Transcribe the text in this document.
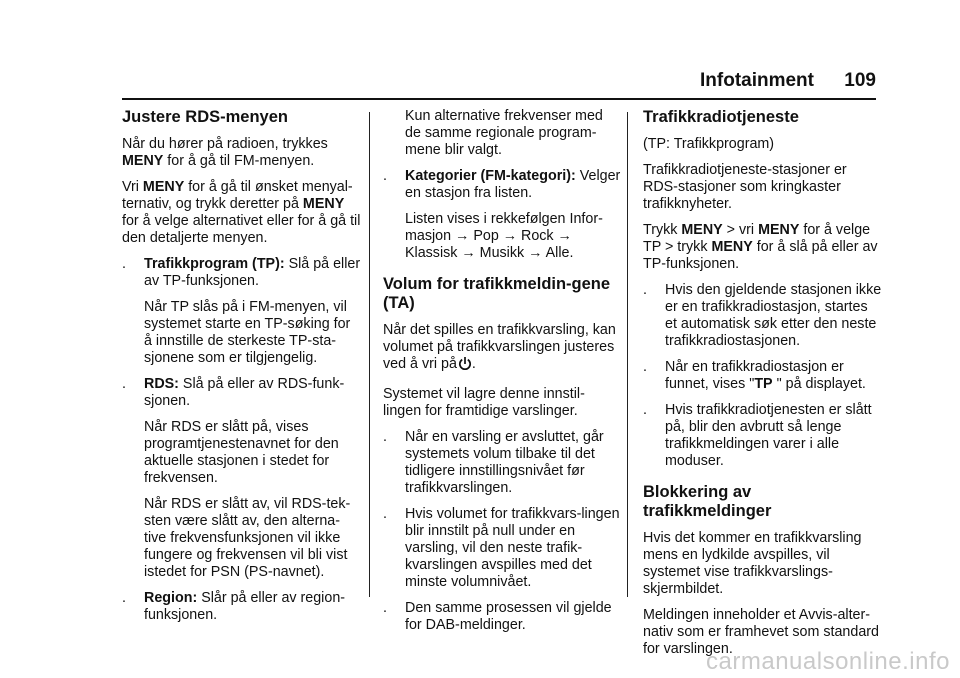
Infotainment 109
Justere RDS-menyen

Når du hører på radioen, trykkes
MENY for å gå til FM-menyen.

Vri MENY for å gå til ønsket menyal-ternativ, og trykk deretter på MENY for å velge alternativet eller for å gå til den detaljerte menyen.

. Trafikkprogram (TP): Slå på eller av TP-funksjonen.
Når TP slås på i FM-menyen, vil systemet starte en TP-søking for å innstille de sterkeste TP-sta-sjonene som er tilgjengelig.
. RDS: Slå på eller av RDS-funk-sjonen.
Når RDS er slått på, vises programtjenestenavnet for den aktuelle stasjonen i stedet for frekvensen.
Når RDS er slått av, vil RDS-tek-sten være slått av, den alterna-tive frekvensfunksjonen vil ikke fungere og frekvensen vil bli vist istedet for PSN (PS-navnet).
. Region: Slår på eller av region-funksjonen.
Kun alternative frekvenser med de samme regionale program-mene blir valgt.
. Kategorier (FM-kategori): Velger en stasjon fra listen.
Listen vises i rekkefølgen Infor-masjon → Pop → Rock → Klassisk → Musikk → Alle.
Volum for trafikkmeldin-gene (TA)

Når det spilles en trafikkvarsling, kan volumet på trafikkvarslingen justeres ved å vri på .

Systemet vil lagre denne innstil-lingen for framtidige varslinger.

. Når en varsling er avsluttet, går systemets volum tilbake til det tidligere innstillingsnivået før trafikkvarslingen.
. Hvis volumet for trafikkvars-lingen blir innstilt på null under en varsling, vil den neste trafik-kvarslingen avspilles med det minste volumnivået.
. Den samme prosessen vil gjelde for DAB-meldinger.
Trafikkradiotjeneste

(TP: Trafikkprogram)

Trafikkradiotjeneste-stasjoner er RDS-stasjoner som kringkaster trafikknyheter.

Trykk MENY > vri MENY for å velge TP > trykk MENY for å slå på eller av TP-funksjonen.

. Hvis den gjeldende stasjonen ikke er en trafikkradiostasjon, startes et automatisk søk etter den neste trafikkradiostasjonen.
. Når en trafikkradiostasjon er funnet, vises "TP " på displayet.
. Hvis trafikkradiotjenesten er slått på, blir den avbrutt så lenge trafikkmeldingen varer i alle moduser.
Blokkering av trafikkmeldinger

Hvis det kommer en trafikkvarsling mens en lydkilde avspilles, vil systemet vise trafikkvarslings-skjermbildet.

Meldingen inneholder et Avvis-alter-nativ som er framhevet som standard for varslingen.

carmanualsonline.info
